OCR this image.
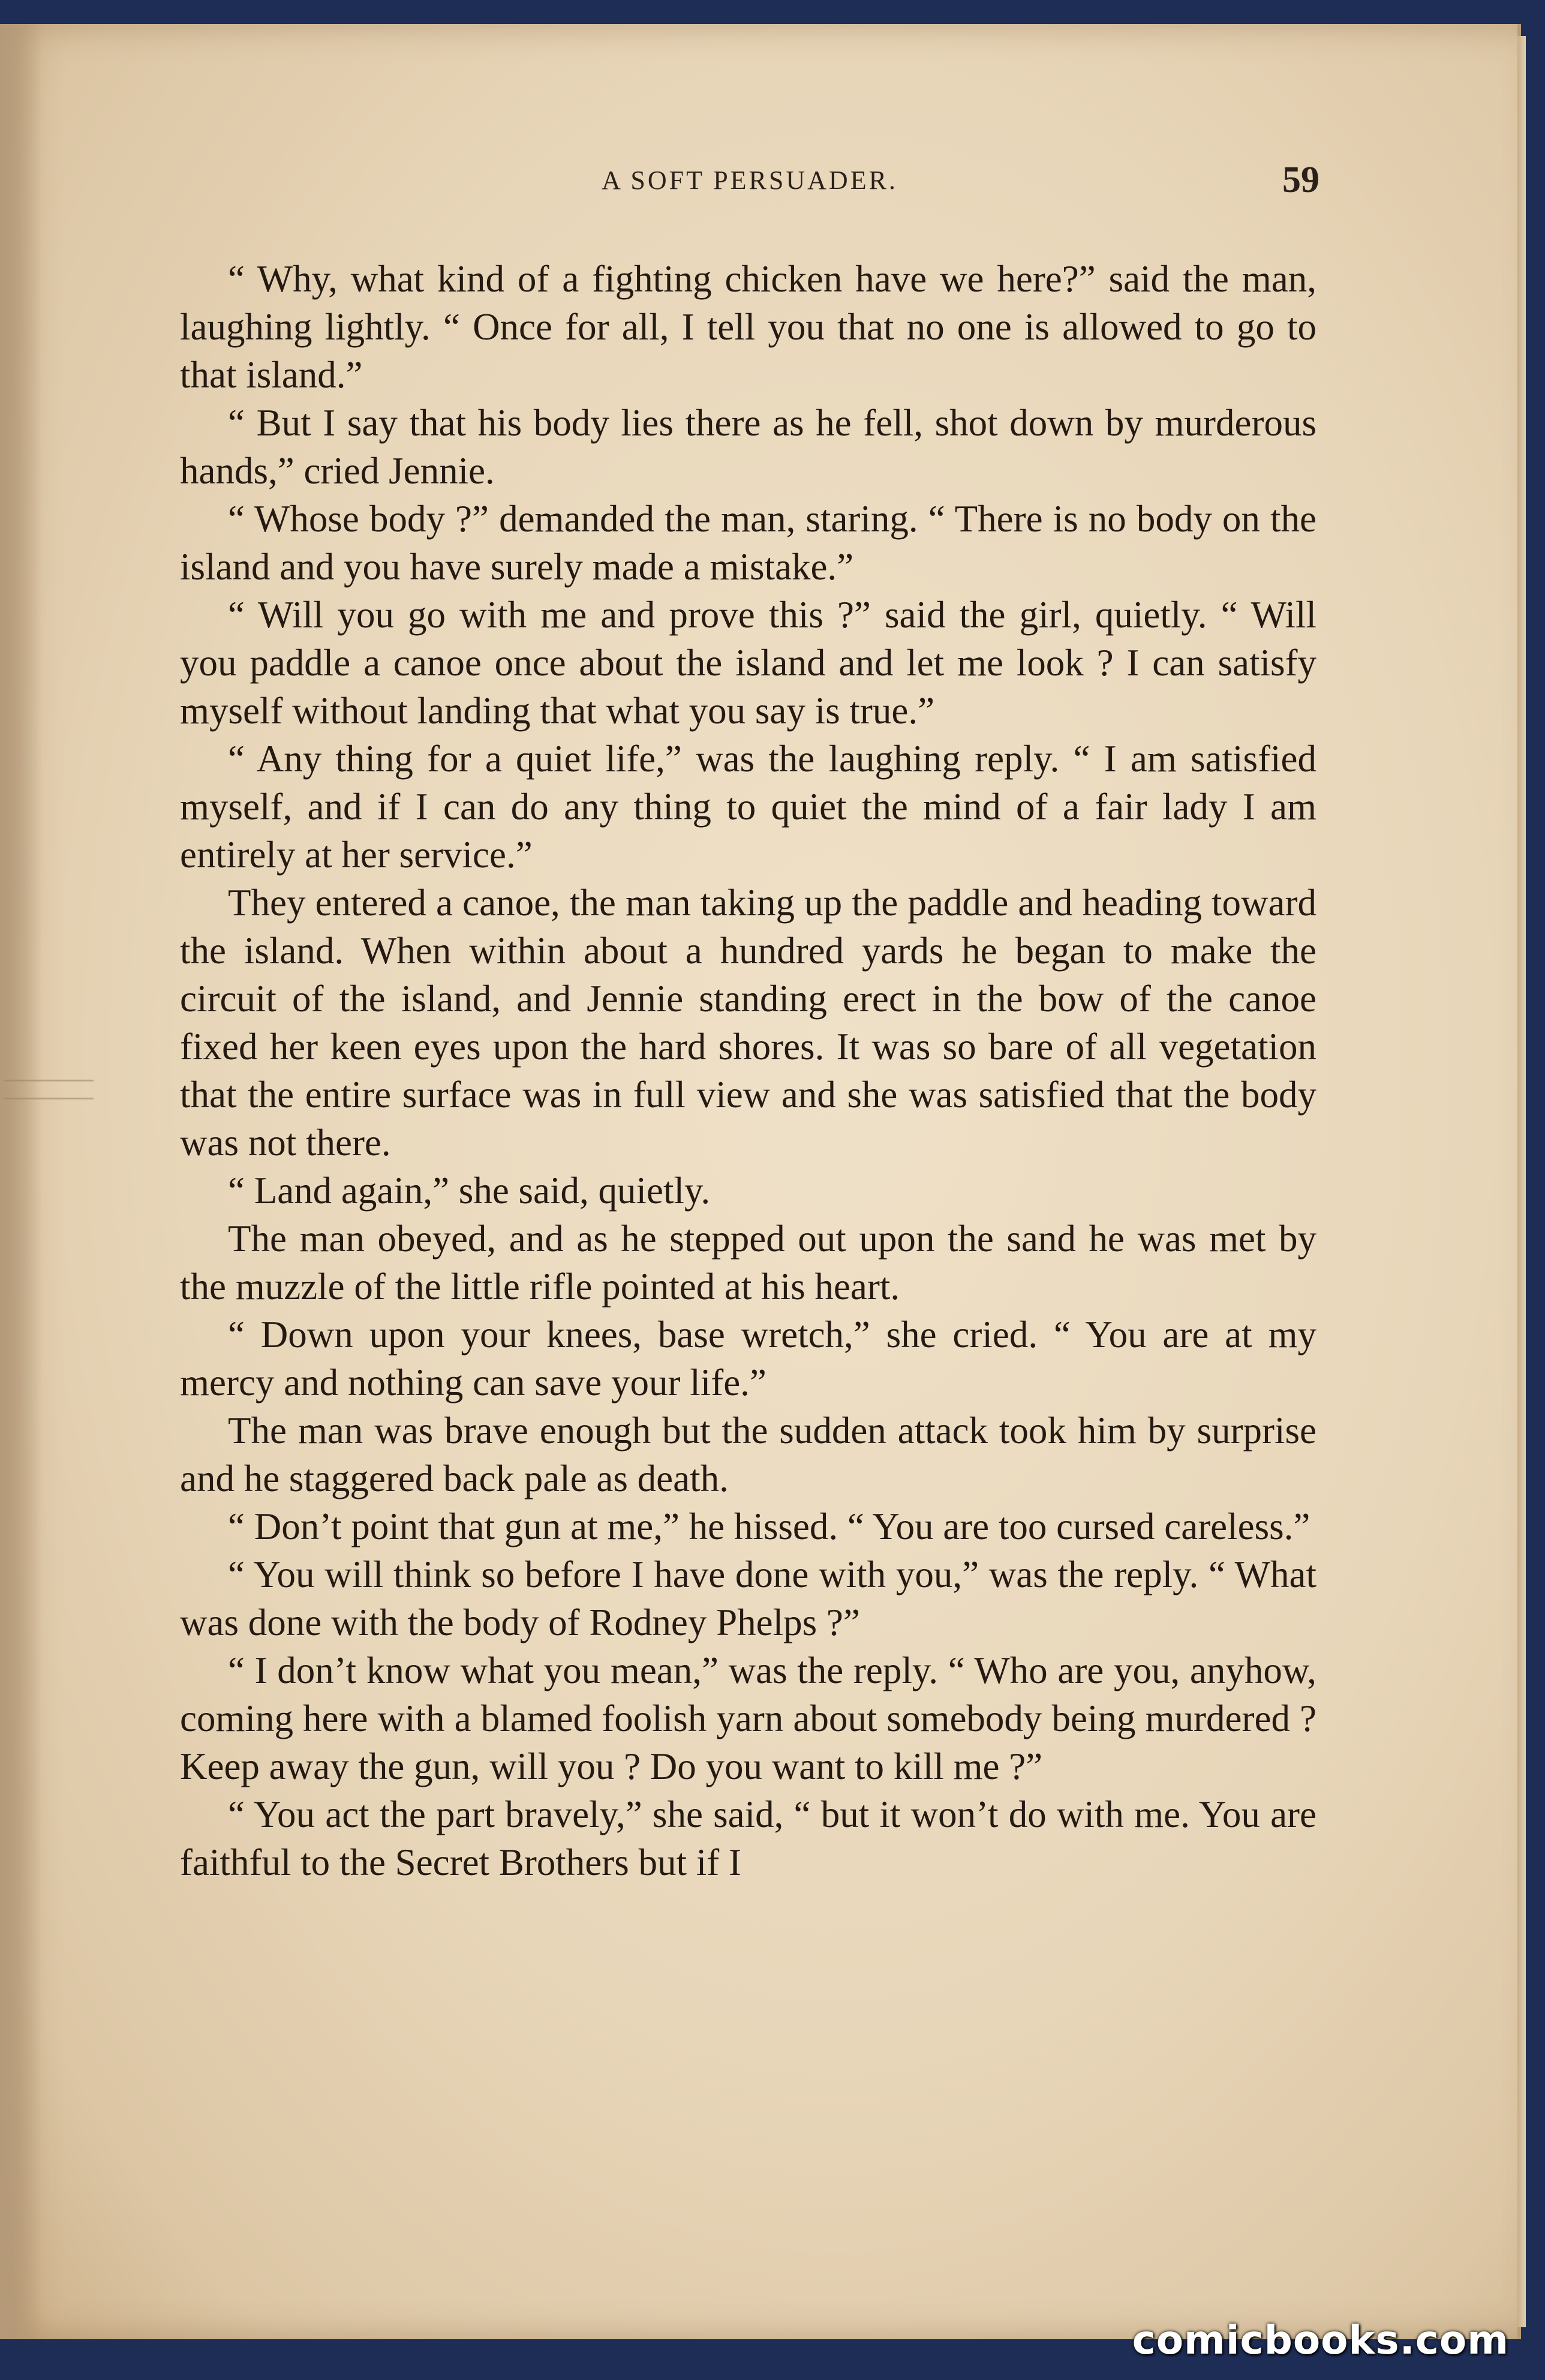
A SOFT PERSUADER.	59

“ Why, what kind of a fighting chicken have we here?” said the man, laughing lightly. “ Once for all, I tell you that no one is allowed to go to that island.”

“ But I say that his body lies there as he fell, shot down by murderous hands,” cried Jennie.

“ Whose body ?” demanded the man, staring. “ There is no body on the island and you have surely made a mistake.”

“ Will you go with me and prove this ?” said the girl, quietly. “ Will you paddle a canoe once about the island and let me look ? I can satisfy myself without landing that what you say is true.”

“ Any thing for a quiet life,” was the laughing reply. “ I am satisfied myself, and if I can do any thing to quiet the mind of a fair lady I am entirely at her service.”

They entered a canoe, the man taking up the paddle and heading toward the island. When within about a hundred yards he began to make the circuit of the island, and Jennie standing erect in the bow of the canoe fixed her keen eyes upon the hard shores. It was so bare of all vegetation that the entire surface was in full view and she was satisfied that the body was not there.

“ Land again,” she said, quietly.

The man obeyed, and as he stepped out upon the sand he was met by the muzzle of the little rifle pointed at his heart.

“ Down upon your knees, base wretch,” she cried. “ You are at my mercy and nothing can save your life.”

The man was brave enough but the sudden attack took him by surprise and he staggered back pale as death.

“ Don’t point that gun at me,” he hissed. “ You are too cursed careless.”

“ You will think so before I have done with you,” was the reply. “ What was done with the body of Rodney Phelps ?”

“ I don’t know what you mean,” was the reply. “ Who are you, anyhow, coming here with a blamed foolish yarn about somebody being murdered ? Keep away the gun, will you ? Do you want to kill me ?”

“ You act the part bravely,” she said, “ but it won’t do with me. You are faithful to the Secret Brothers but if I

comicbooks.com
